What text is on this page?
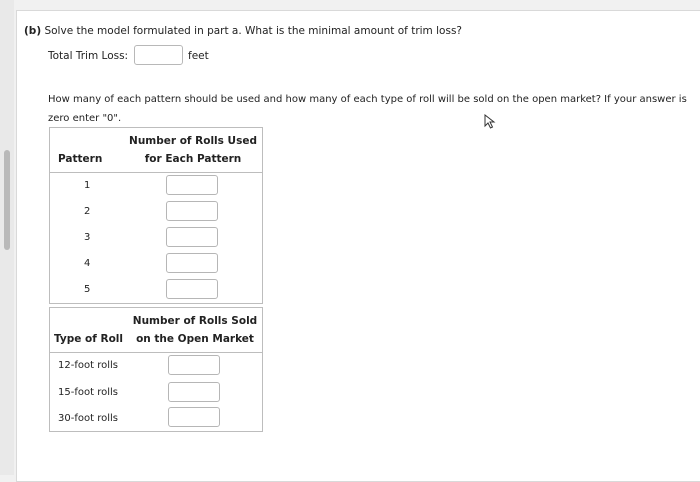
(b) Solve the model formulated in part a. What is the minimal amount of trim loss?
Total Trim Loss:	feet
How many of each pattern should be used and how many of each type of roll will be sold on the open market? If your answer is
zero enter "0".
Pattern
Number of Rolls Used
for Each Pattern
1
2
3
4
5
Type of Roll
Number of Rolls Sold
on the Open Market
12-foot rolls
15-foot rolls
30-foot rolls
